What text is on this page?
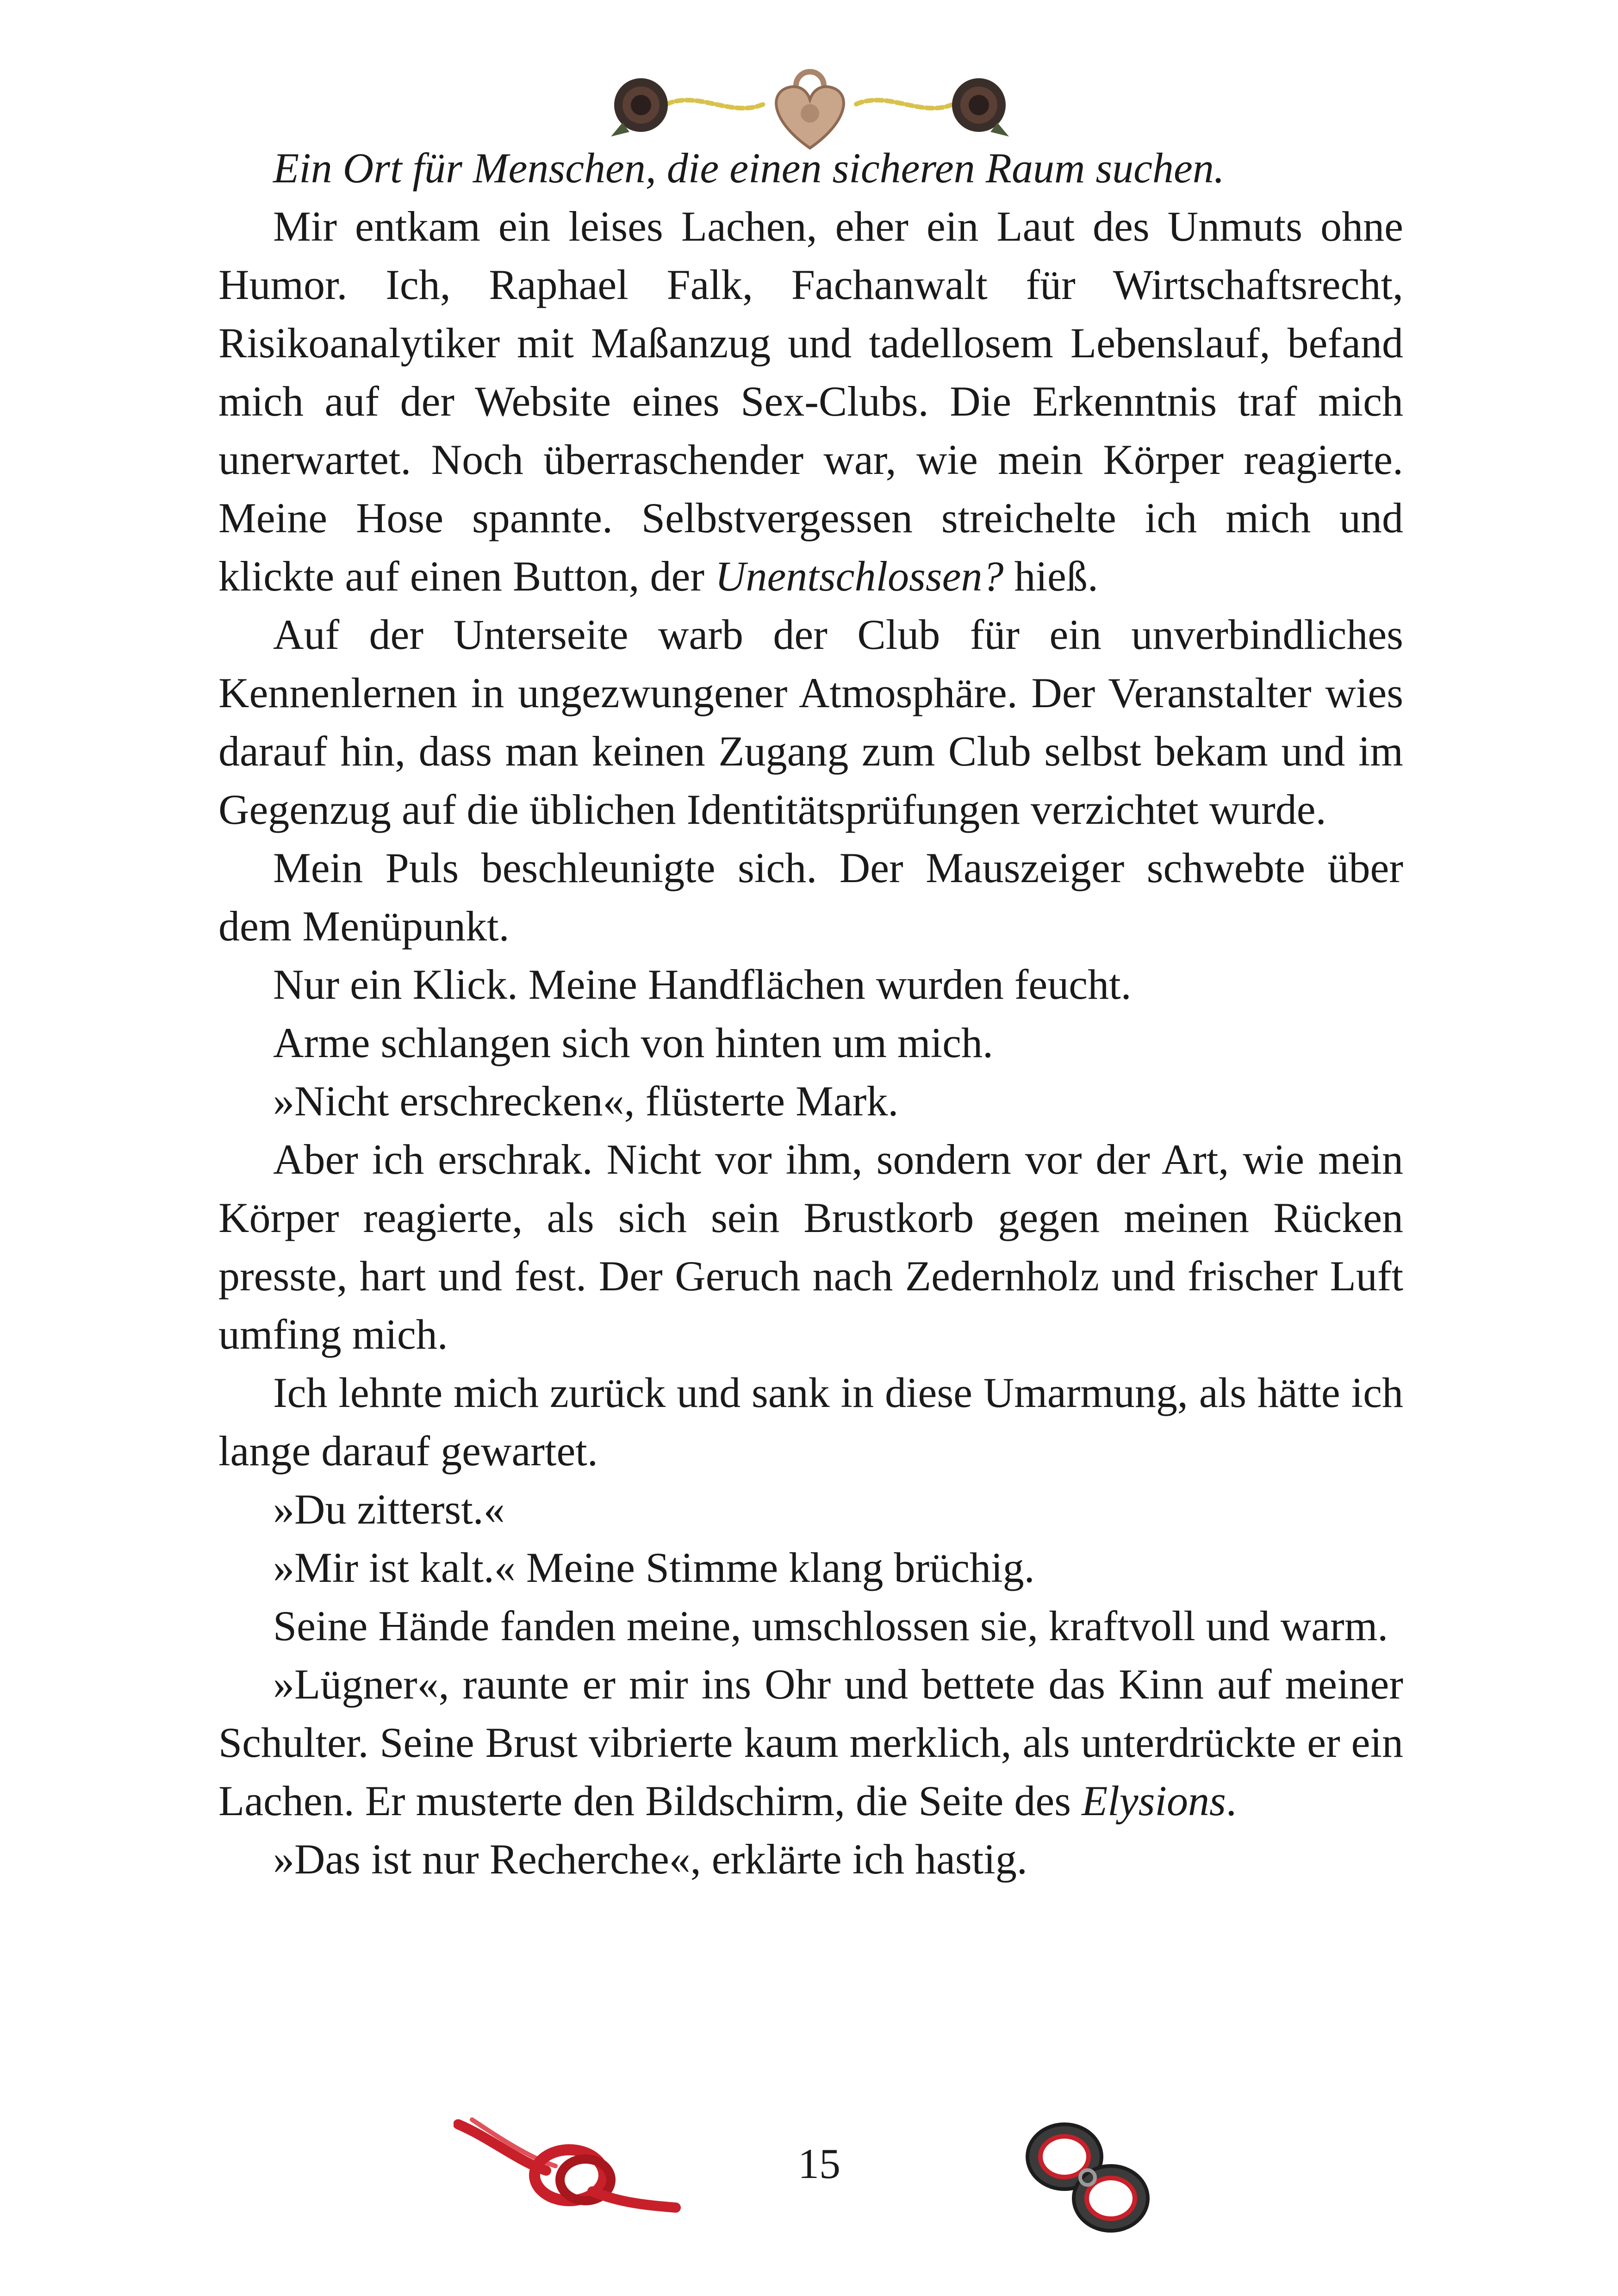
Ein Ort für Menschen, die einen sicheren Raum suchen.

Mir entkam ein leises Lachen, eher ein Laut des Unmuts ohne Humor. Ich, Raphael Falk, Fachanwalt für Wirtschaftsrecht, Risikoanalytiker mit Maßanzug und tadellosem Lebenslauf, befand mich auf der Website eines Sex-Clubs. Die Erkenntnis traf mich unerwartet. Noch überraschender war, wie mein Körper reagierte. Meine Hose spannte. Selbstvergessen streichelte ich mich und klickte auf einen Button, der Unentschlossen? hieß.

Auf der Unterseite warb der Club für ein unverbindliches Kennenlernen in ungezwungener Atmosphäre. Der Veranstalter wies darauf hin, dass man keinen Zugang zum Club selbst bekam und im Gegenzug auf die üblichen Identitätsprüfungen verzichtet wurde.

Mein Puls beschleunigte sich. Der Mauszeiger schwebte über dem Menüpunkt.

Nur ein Klick. Meine Handflächen wurden feucht.

Arme schlangen sich von hinten um mich.

»Nicht erschrecken«, flüsterte Mark.

Aber ich erschrak. Nicht vor ihm, sondern vor der Art, wie mein Körper reagierte, als sich sein Brustkorb gegen meinen Rücken presste, hart und fest. Der Geruch nach Zedernholz und frischer Luft umfing mich.

Ich lehnte mich zurück und sank in diese Umarmung, als hätte ich lange darauf gewartet.

»Du zitterst.«

»Mir ist kalt.« Meine Stimme klang brüchig.

Seine Hände fanden meine, umschlossen sie, kraftvoll und warm.

»Lügner«, raunte er mir ins Ohr und bettete das Kinn auf meiner Schulter. Seine Brust vibrierte kaum merklich, als unterdrückte er ein Lachen. Er musterte den Bildschirm, die Seite des Elysions.

»Das ist nur Recherche«, erklärte ich hastig.

15
